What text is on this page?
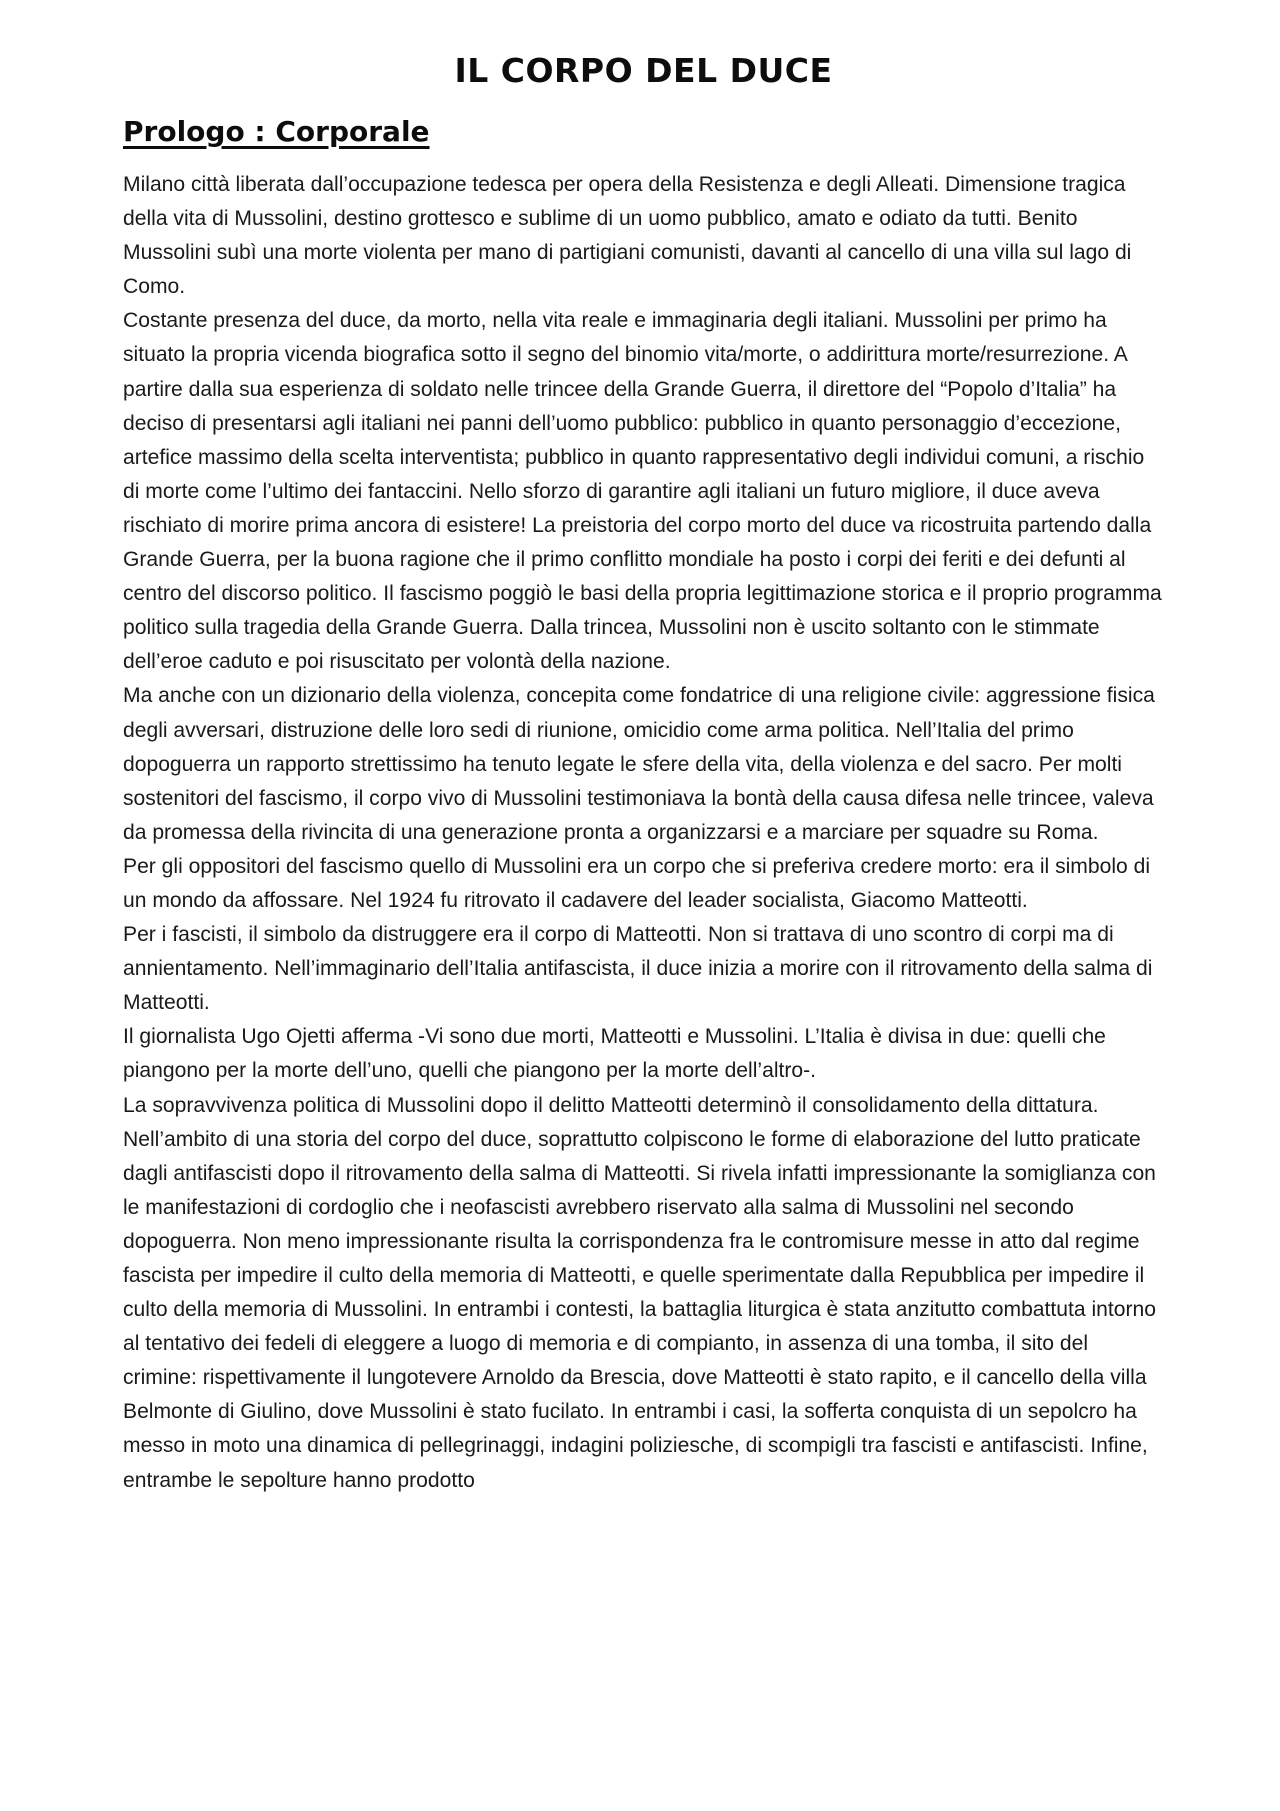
IL CORPO DEL DUCE
Prologo : Corporale

Milano città liberata dall’occupazione tedesca per opera della Resistenza e degli Alleati. Dimensione tragica della vita di Mussolini, destino grottesco e sublime di un uomo pubblico, amato e odiato da tutti. Benito Mussolini subì una morte violenta per mano di partigiani comunisti, davanti al cancello di una villa sul lago di Como.

Costante presenza del duce, da morto, nella vita reale e immaginaria degli italiani. Mussolini per primo ha situato la propria vicenda biografica sotto il segno del binomio vita/morte, o addirittura morte/resurrezione. A partire dalla sua esperienza di soldato nelle trincee della Grande Guerra, il direttore del “Popolo d’Italia” ha deciso di presentarsi agli italiani nei panni dell’uomo pubblico: pubblico in quanto personaggio d’eccezione, artefice massimo della scelta interventista; pubblico in quanto rappresentativo degli individui comuni, a rischio di morte come l’ultimo dei fantaccini. Nello sforzo di garantire agli italiani un futuro migliore, il duce aveva rischiato di morire prima ancora di esistere! La preistoria del corpo morto del duce va ricostruita partendo dalla Grande Guerra, per la buona ragione che il primo conflitto mondiale ha posto i corpi dei feriti e dei defunti al centro del discorso politico. Il fascismo poggiò le basi della propria legittimazione storica e il proprio programma politico sulla tragedia della Grande Guerra. Dalla trincea, Mussolini non è uscito soltanto con le stimmate dell’eroe caduto e poi risuscitato per volontà della nazione.

Ma anche con un dizionario della violenza, concepita come fondatrice di una religione civile: aggressione fisica degli avversari, distruzione delle loro sedi di riunione, omicidio come arma politica. Nell’Italia del primo dopoguerra un rapporto strettissimo ha tenuto legate le sfere della vita, della violenza e del sacro. Per molti sostenitori del fascismo, il corpo vivo di Mussolini testimoniava la bontà della causa difesa nelle trincee, valeva da promessa della rivincita di una generazione pronta a organizzarsi e a marciare per squadre su Roma.

Per gli oppositori del fascismo quello di Mussolini era un corpo che si preferiva credere morto: era il simbolo di un mondo da affossare. Nel 1924 fu ritrovato il cadavere del leader socialista, Giacomo Matteotti.

Per i fascisti, il simbolo da distruggere era il corpo di Matteotti. Non si trattava di uno scontro di corpi ma di annientamento. Nell’immaginario dell’Italia antifascista, il duce inizia a morire con il ritrovamento della salma di Matteotti.

Il giornalista Ugo Ojetti afferma -Vi sono due morti, Matteotti e Mussolini. L’Italia è divisa in due: quelli che piangono per la morte dell’uno, quelli che piangono per la morte dell’altro-.

La sopravvivenza politica di Mussolini dopo il delitto Matteotti determinò il consolidamento della dittatura.

Nell’ambito di una storia del corpo del duce, soprattutto colpiscono le forme di elaborazione del lutto praticate dagli antifascisti dopo il ritrovamento della salma di Matteotti. Si rivela infatti impressionante la somiglianza con le manifestazioni di cordoglio che i neofascisti avrebbero riservato alla salma di Mussolini nel secondo dopoguerra. Non meno impressionante risulta la corrispondenza fra le contromisure messe in atto dal regime fascista per impedire il culto della memoria di Matteotti, e quelle sperimentate dalla Repubblica per impedire il culto della memoria di Mussolini. In entrambi i contesti, la battaglia liturgica è stata anzitutto combattuta intorno al tentativo dei fedeli di eleggere a luogo di memoria e di compianto, in assenza di una tomba, il sito del crimine: rispettivamente il lungotevere Arnoldo da Brescia, dove Matteotti è stato rapito, e il cancello della villa Belmonte di Giulino, dove Mussolini è stato fucilato. In entrambi i casi, la sofferta conquista di un sepolcro ha messo in moto una dinamica di pellegrinaggi, indagini poliziesche, di scompigli tra fascisti e antifascisti. Infine, entrambe le sepolture hanno prodotto
